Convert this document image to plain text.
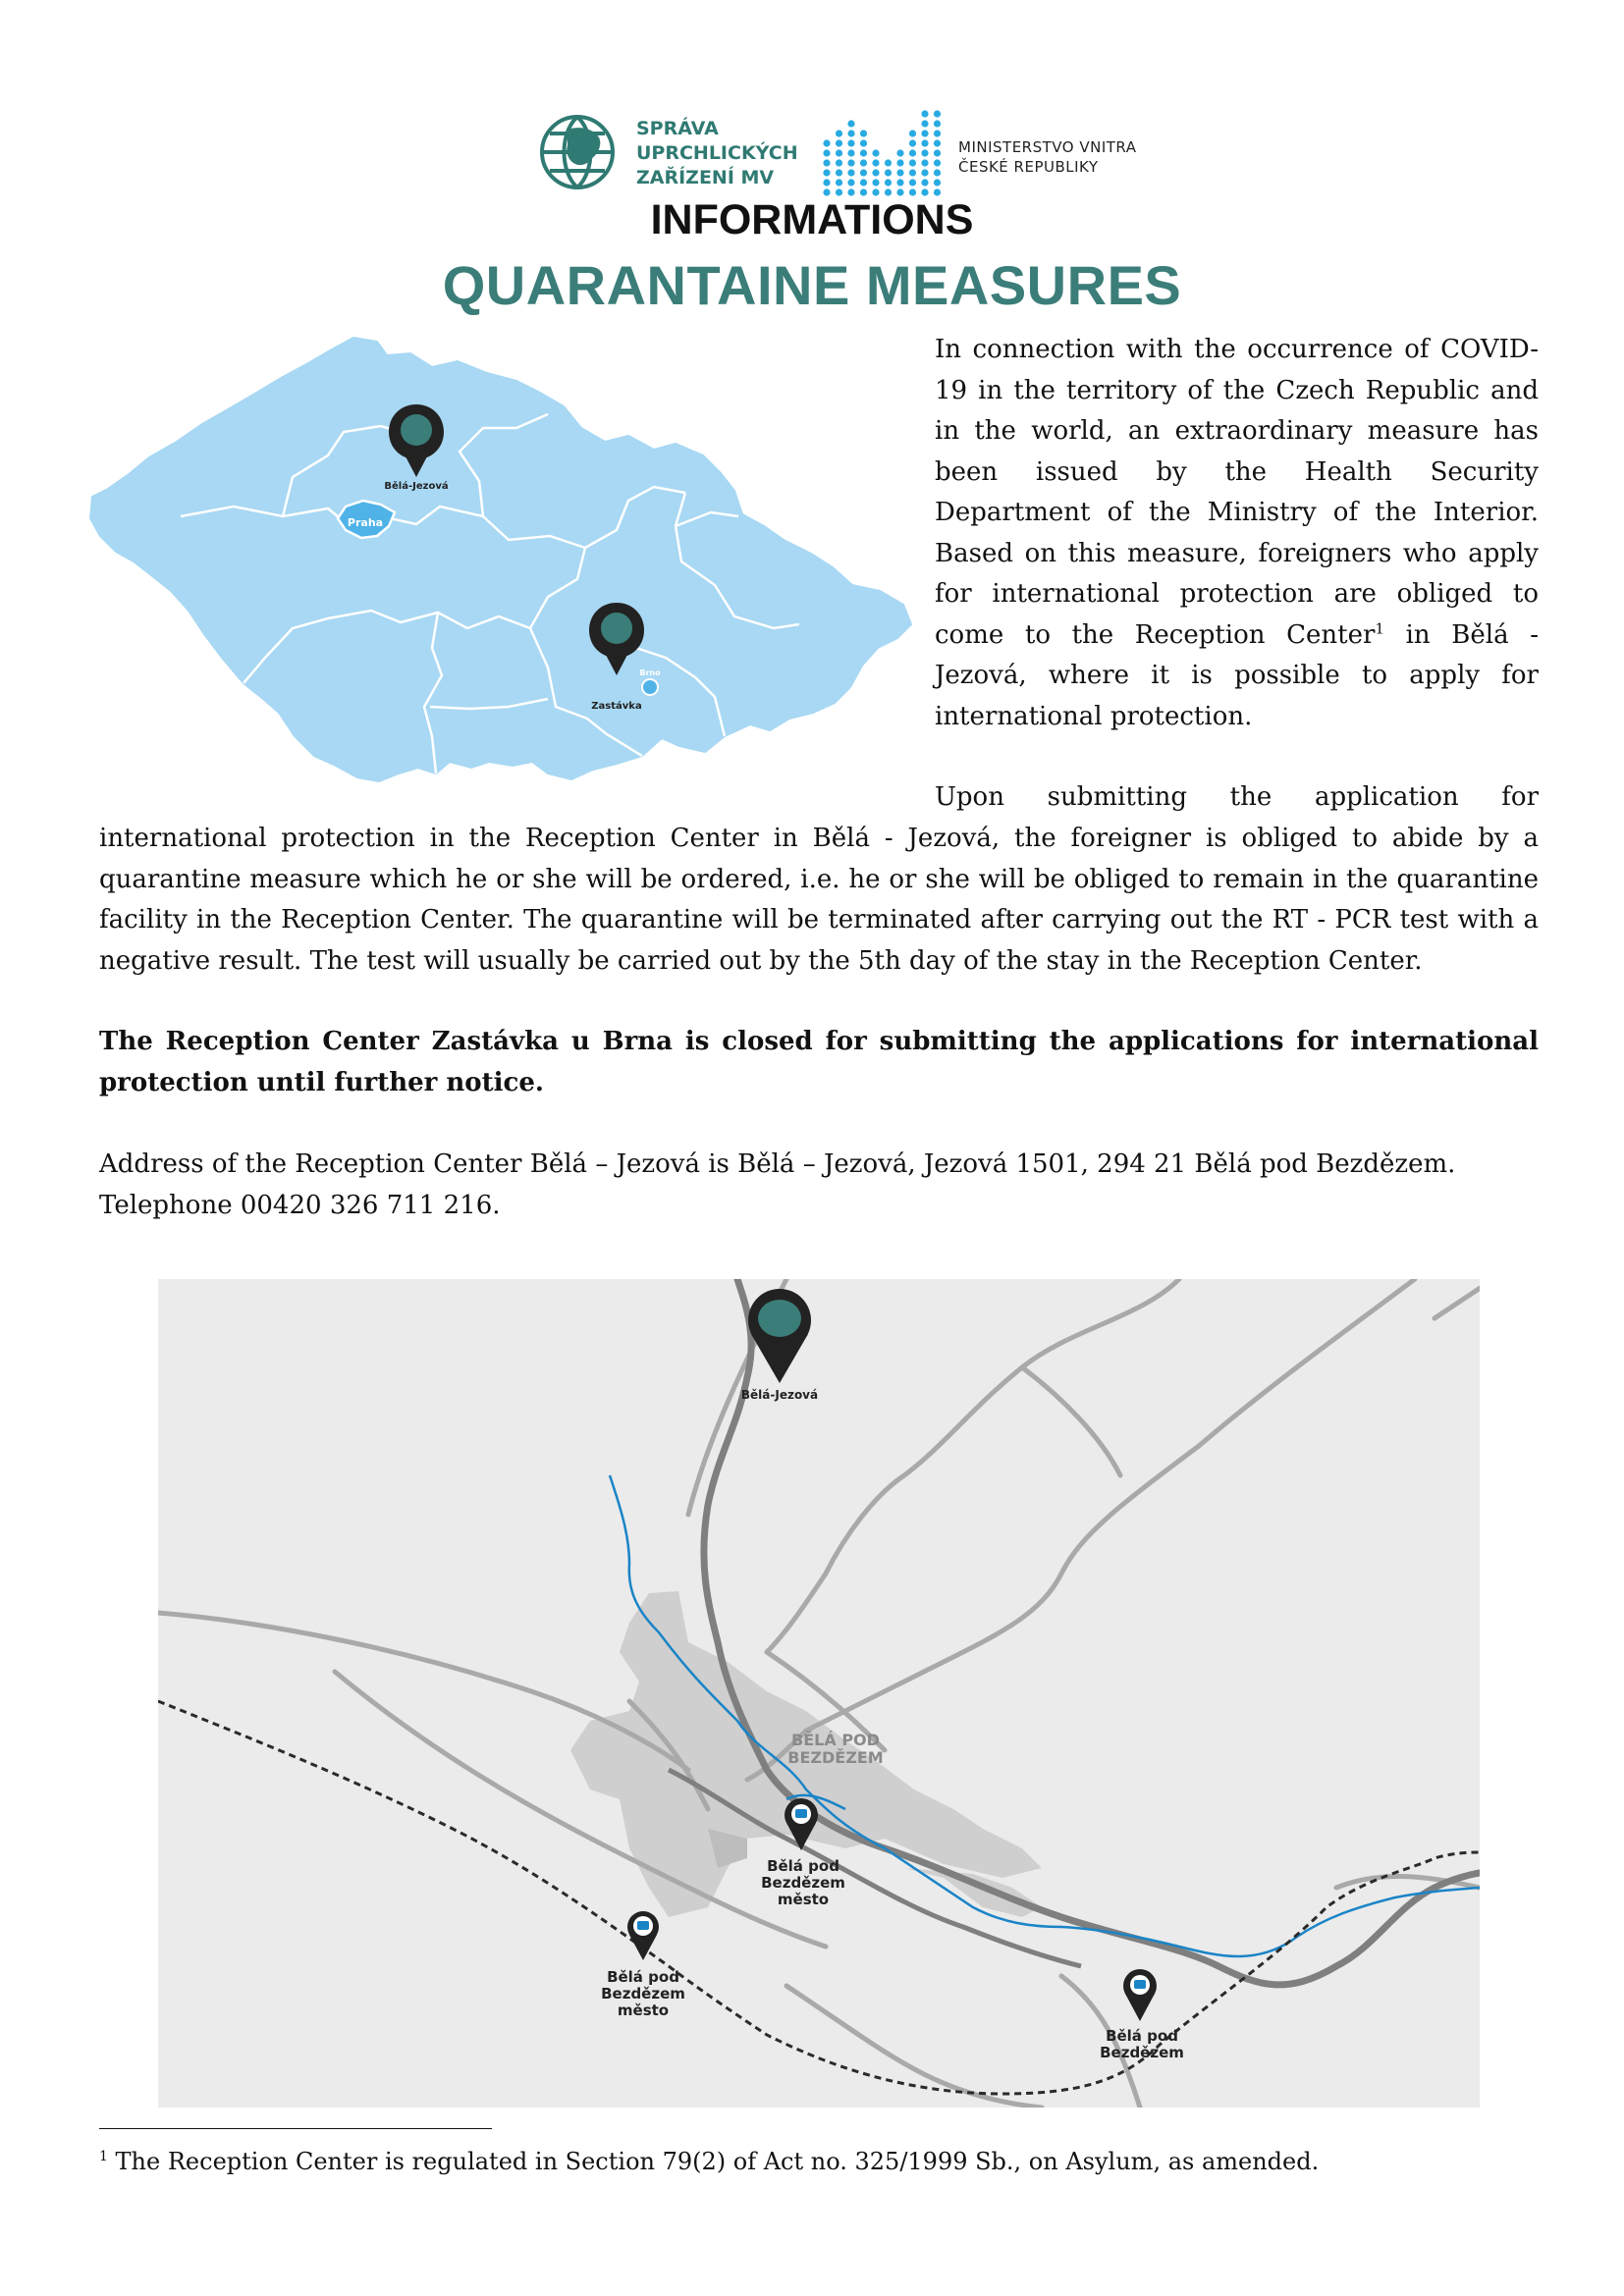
SPRÁVA
UPRCHLICKÝCH
ZAŘÍZENÍ MV
MINISTERSTVO VNITRA
ČESKÉ REPUBLIKY
INFORMATIONS
QUARANTAINE MEASURES
Praha
Bělá-Jezová
Brno
Zastávka
In connection with the occurrence of COVID-19 in the territory of the Czech Republic and in the world, an extraordinary measure has been issued by the Health Security Department of the Ministry of the Interior. Based on this measure, foreigners who apply for international protection are obliged to come to the Reception Center$^1$ in Bělá - Jezová, where it is possible to apply for international protection.
Upon submitting the application for
international protection in the Reception Center in Bělá - Jezová, the foreigner is obliged to abide by a quarantine measure which he or she will be ordered, i.e. he or she will be obliged to remain in the quarantine facility in the Reception Center. The quarantine will be terminated after carrying out the RT - PCR test with a negative result. The test will usually be carried out by the 5th day of the stay in the Reception Center.
The Reception Center Zastávka u Brna is closed for submitting the applications for international protection until further notice.
Address of the Reception Center Bělá – Jezová is Bělá – Jezová, Jezová 1501, 294 21 Bělá pod Bezdězem.
Telephone 00420 326 711 216.
BĚLÁ POD
BEZDĚZEM
Bělá-Jezová
Bělá pod
Bezdězem
město
Bělá pod
Bezdězem
město
Bělá pod
Bezdězem
$^1$ The Reception Center is regulated in Section 79(2) of Act no. 325/1999 Sb., on Asylum, as amended.
